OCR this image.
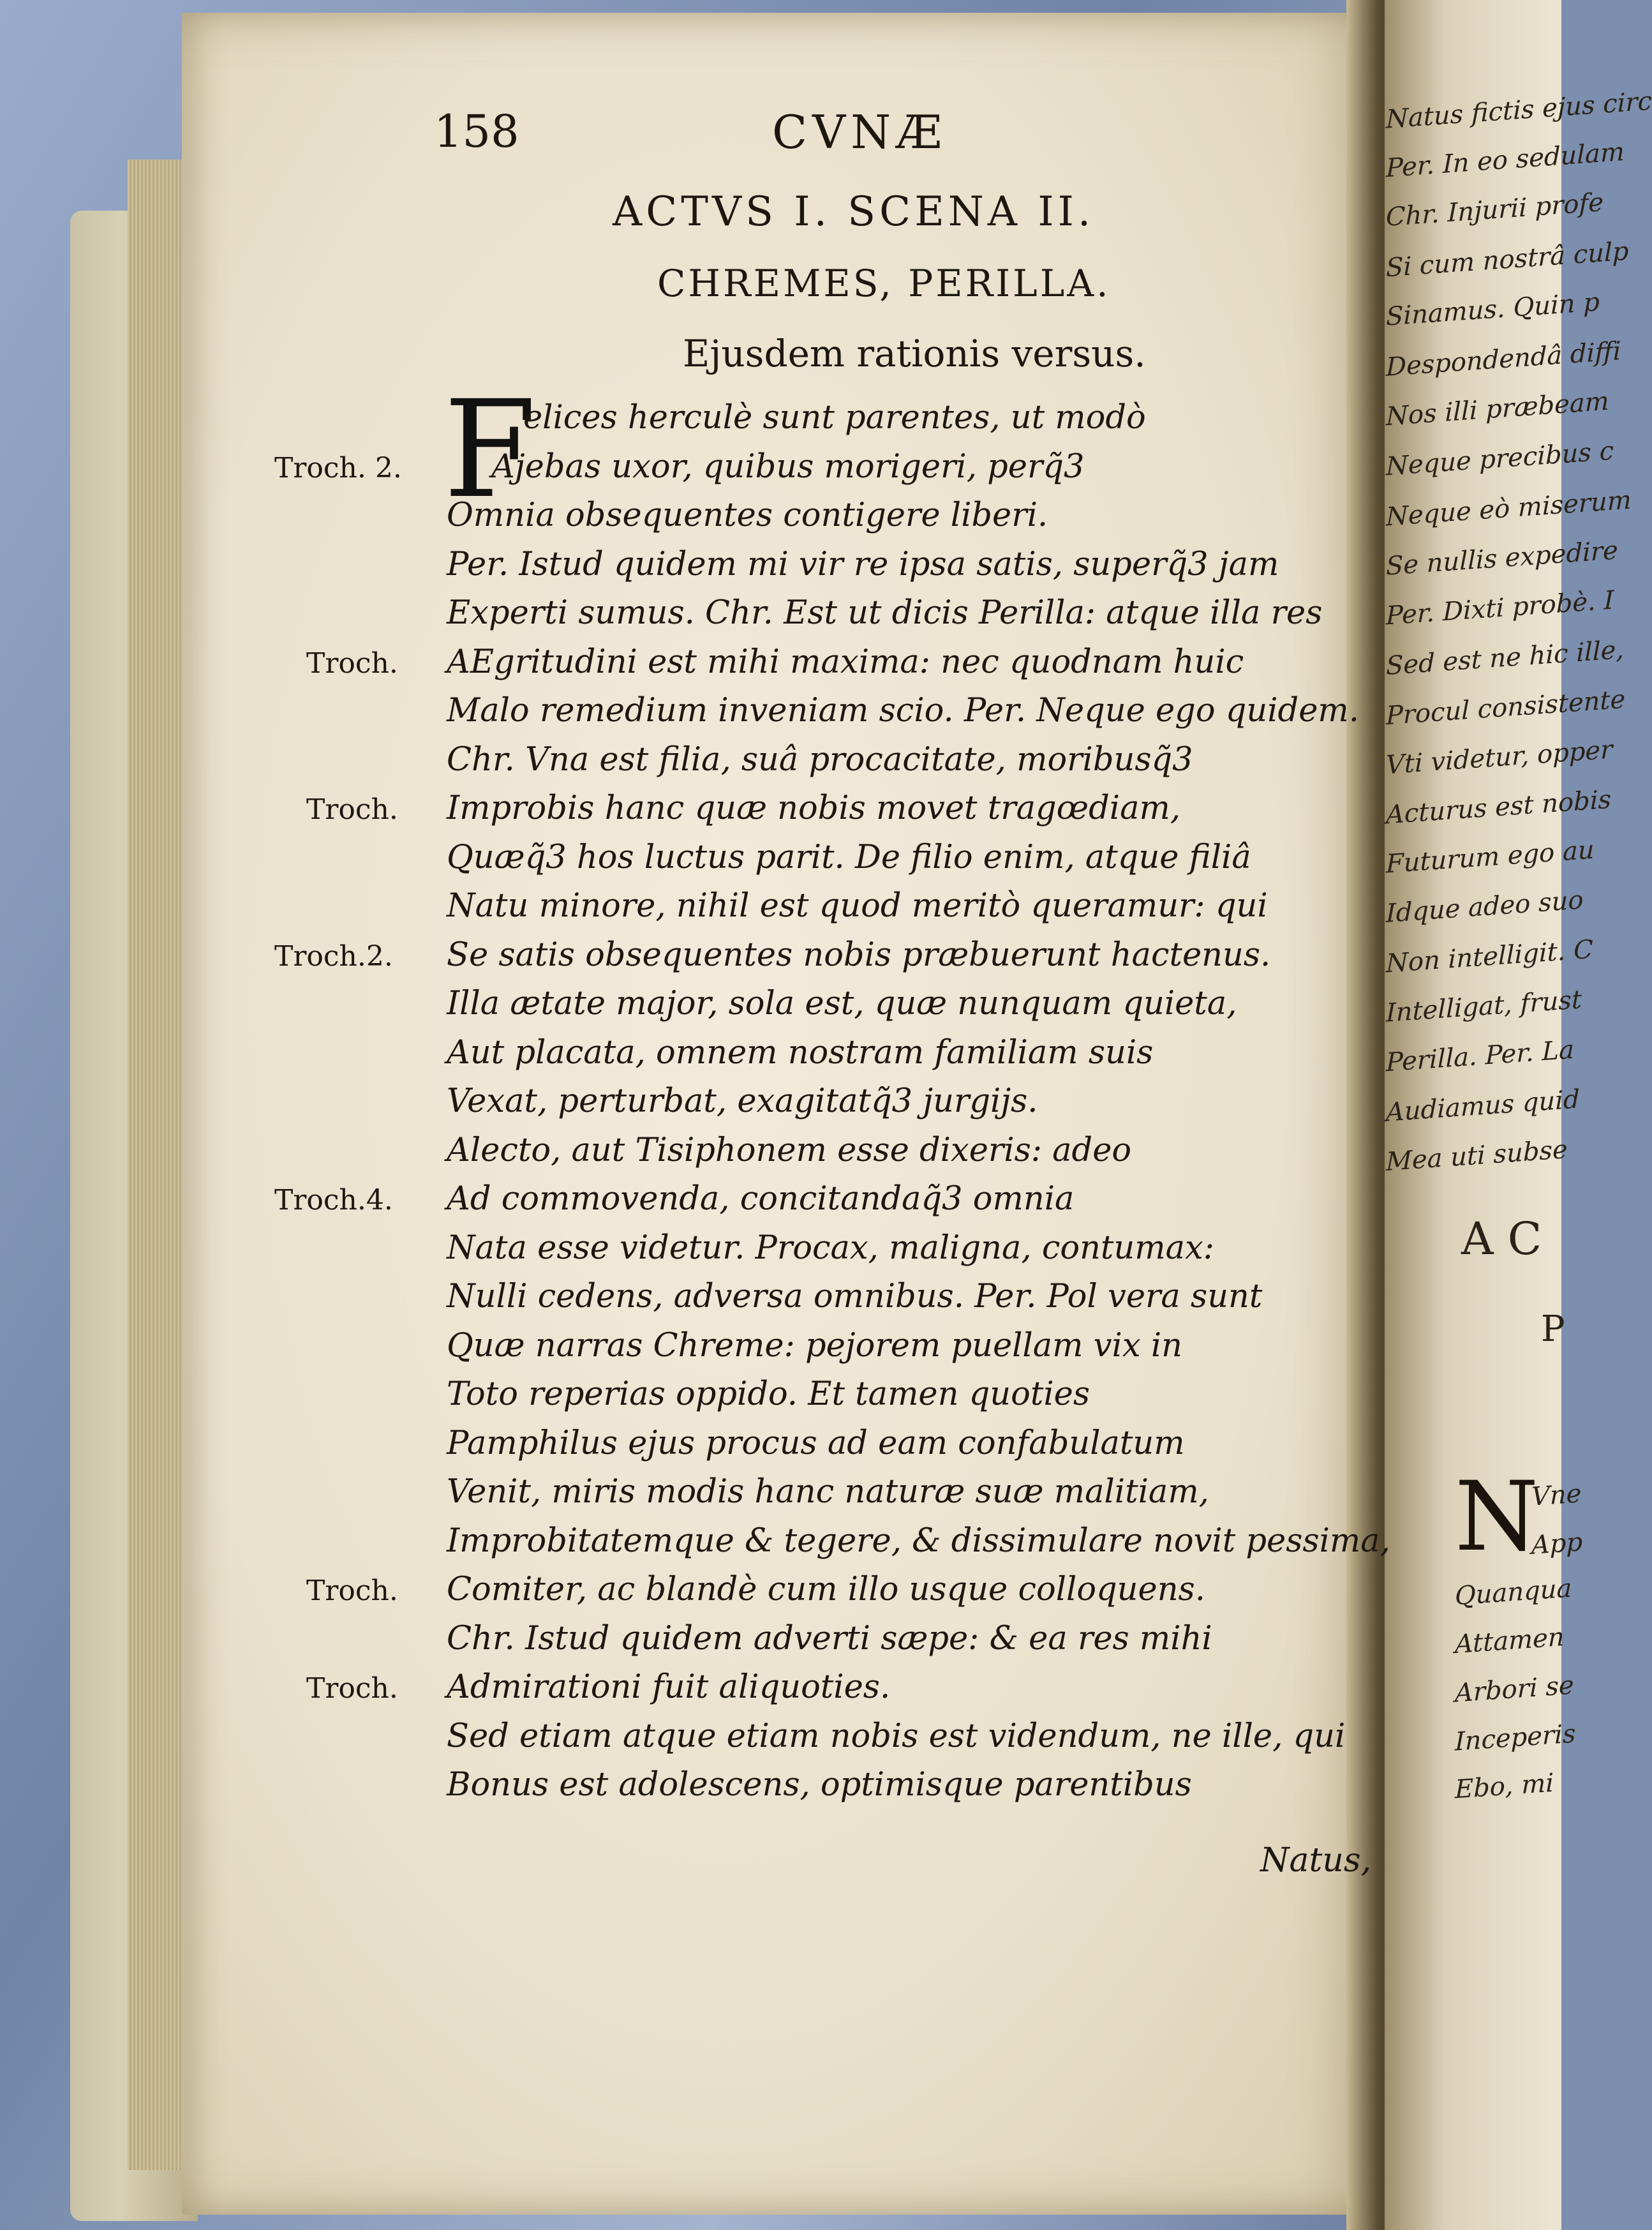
Natus fictis ejus circ
Per. In eo sedulam
Chr. Injurii profe
Si cum nostrâ culp
Sinamus. Quin p
Despondendâ diffi
Nos illi præbeam
Neque precibus c
Neque eò miserum
Se nullis expedire
Per. Dixti probè. I
Sed est ne hic ille,
Procul consistente
Vti videtur, opper
Acturus est nobis
Futurum ego au
Idque adeo suo
Non intelligit. C
Intelligat, frust
Perilla. Per. La
Audiamus quid
Mea uti subse
A C
P
N
Vne
App
Quanqua
Attamen
Arbori se
Inceperis
Ebo, mi
158	CVNÆ
ACTVS I. SCENA II.
CHREMES, PERILLA.
Ejusdem rationis versus.
F
elices herculè sunt parentes, ut modò
Ajebas uxor, quibus morigeri, perq̃3
Omnia obsequentes contigere liberi.
Per. Istud quidem mi vir re ipsa satis, superq̃3 jam
Experti sumus. Chr. Est ut dicis Perilla: atque illa res
AEgritudini est mihi maxima: nec quodnam huic
Malo remedium inveniam scio. Per. Neque ego quidem.
Chr. Vna est filia, suâ procacitate, moribusq̃3
Improbis hanc quæ nobis movet tragœdiam,
Quæq̃3 hos luctus parit. De filio enim, atque filiâ
Natu minore, nihil est quod meritò queramur: qui
Se satis obsequentes nobis præbuerunt hactenus.
Illa ætate major, sola est, quæ nunquam quieta,
Aut placata, omnem nostram familiam suis
Vexat, perturbat, exagitatq̃3 jurgijs.
Alecto, aut Tisiphonem esse dixeris: adeo
Ad commovenda, concitandaq̃3 omnia
Nata esse videtur. Procax, maligna, contumax:
Nulli cedens, adversa omnibus. Per. Pol vera sunt
Quæ narras Chreme: pejorem puellam vix in
Toto reperias oppido. Et tamen quoties
Pamphilus ejus procus ad eam confabulatum
Venit, miris modis hanc naturæ suæ malitiam,
Improbitatemque & tegere, & dissimulare novit pessima,
Comiter, ac blandè cum illo usque colloquens.
Chr. Istud quidem adverti sæpe: & ea res mihi
Admirationi fuit aliquoties.
Sed etiam atque etiam nobis est videndum, ne ille, qui
Bonus est adolescens, optimisque parentibus
Troch. 2.
Troch.
Troch.
Troch.2.
Troch.4.
Troch.
Troch.
Natus,
